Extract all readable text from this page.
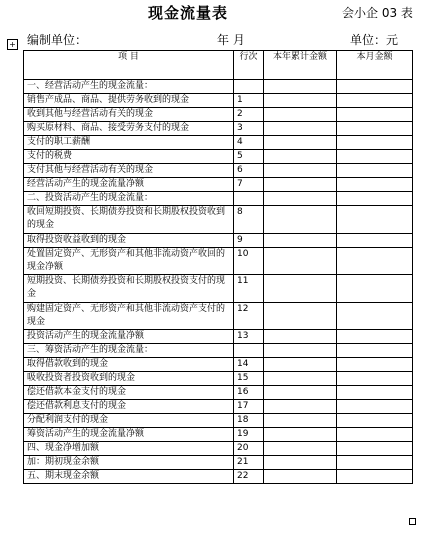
现金流量表	会小企 03 表
编制单位：	年 月	单位：元
+
项 目	行次	本年累计金额	本月金额
一、经营活动产生的现金流量：			
销售产成品、商品、提供劳务收到的现金	1		
收到其他与经营活动有关的现金	2		
购买原材料、商品、接受劳务支付的现金	3		
支付的职工薪酬	4		
支付的税费	5		
支付其他与经营活动有关的现金	6		
经营活动产生的现金流量净额	7		
二、投资活动产生的现金流量：			
收回短期投资、长期债券投资和长期股权投资收到的现金	8		
取得投资收益收到的现金	9		
处置固定资产、无形资产和其他非流动资产收回的现金净额	10		
短期投资、长期债券投资和长期股权投资支付的现金	11		
购建固定资产、无形资产和其他非流动资产支付的现金	12		
投资活动产生的现金流量净额	13		
三、筹资活动产生的现金流量：			
取得借款收到的现金	14		
吸收投资者投资收到的现金	15		
偿还借款本金支付的现金	16		
偿还借款利息支付的现金	17		
分配利润支付的现金	18		
筹资活动产生的现金流量净额	19		
四、现金净增加额	20		
加：期初现金余额	21		
五、期末现金余额	22		
